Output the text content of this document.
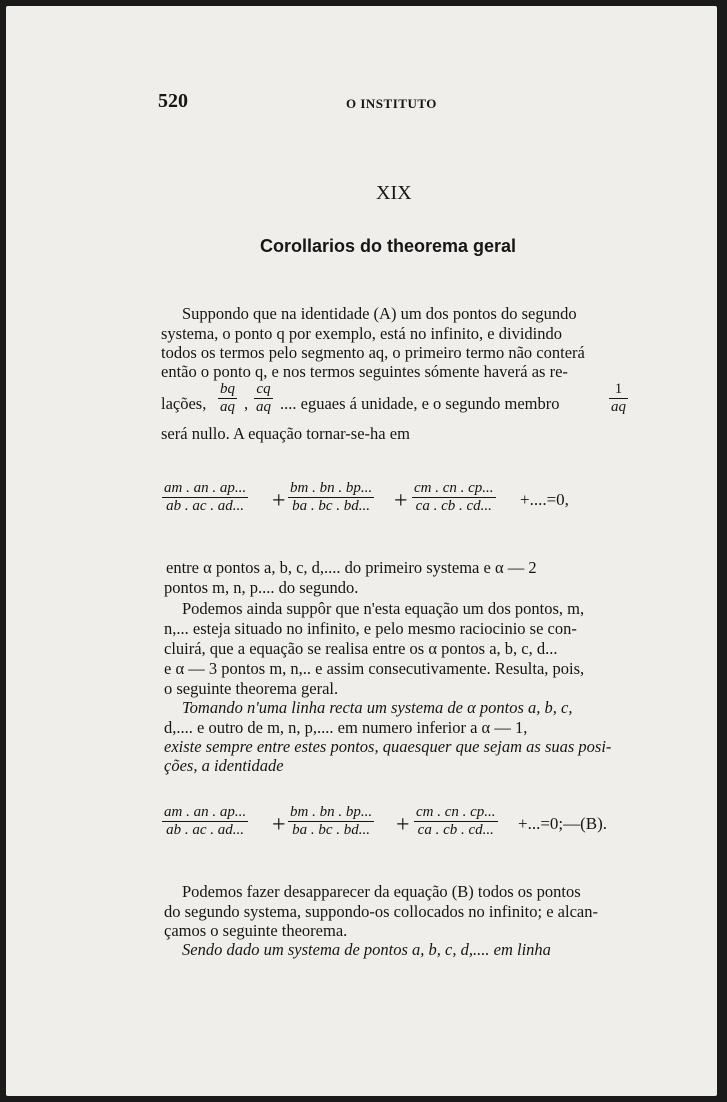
520	O INSTITUTO
XIX
Corollarios do theorema geral
Suppondo que na identidade (A) um dos pontos do segundo
systema, o ponto q por exemplo, está no infinito, e dividindo
todos os termos pelo segmento aq, o primeiro termo não conterá
então o ponto q, e nos termos seguintes sómente haverá as re-
lações, $\frac{bq}{aq}$ , $\frac{cq}{aq}$ .... eguaes á unidade, e o segundo membro	$\frac{1}{aq}$
será nullo. A equação tornar-se-ha em
$\frac{am . an . ap...}{ab . ac . ad...} + \frac{bm . bn . bp...}{ba . bc . bd...} + \frac{cm . cn . cp...}{ca . cb . cd...} +....=0$,
entre α pontos a, b, c, d,.... do primeiro systema e α — 2
pontos m, n, p.... do segundo.
Podemos ainda suppôr que n'esta equação um dos pontos, m,
n,... esteja situado no infinito, e pelo mesmo raciocinio se con-
cluirá, que a equação se realisa entre os α pontos a, b, c, d...
e α — 3 pontos m, n,.. e assim consecutivamente. Resulta, pois,
o seguinte theorema geral.
Tomando n'uma linha recta um systema de α pontos a, b, c,
d,.... e outro de m, n, p,.... em numero inferior a α — 1,
existe sempre entre estes pontos, quaesquer que sejam as suas posi-
ções, a identidade
$\frac{am . an . ap...}{ab . ac . ad...} + \frac{bm . bn . bp...}{ba . bc . bd...} + \frac{cm . cn . cp...}{ca . cb . cd...}$ +...=0;—(B).
Podemos fazer desapparecer da equação (B) todos os pontos
do segundo systema, suppondo-os collocados no infinito; e alcan-
çamos o seguinte theorema.
Sendo dado um systema de pontos a, b, c, d,.... em linha
